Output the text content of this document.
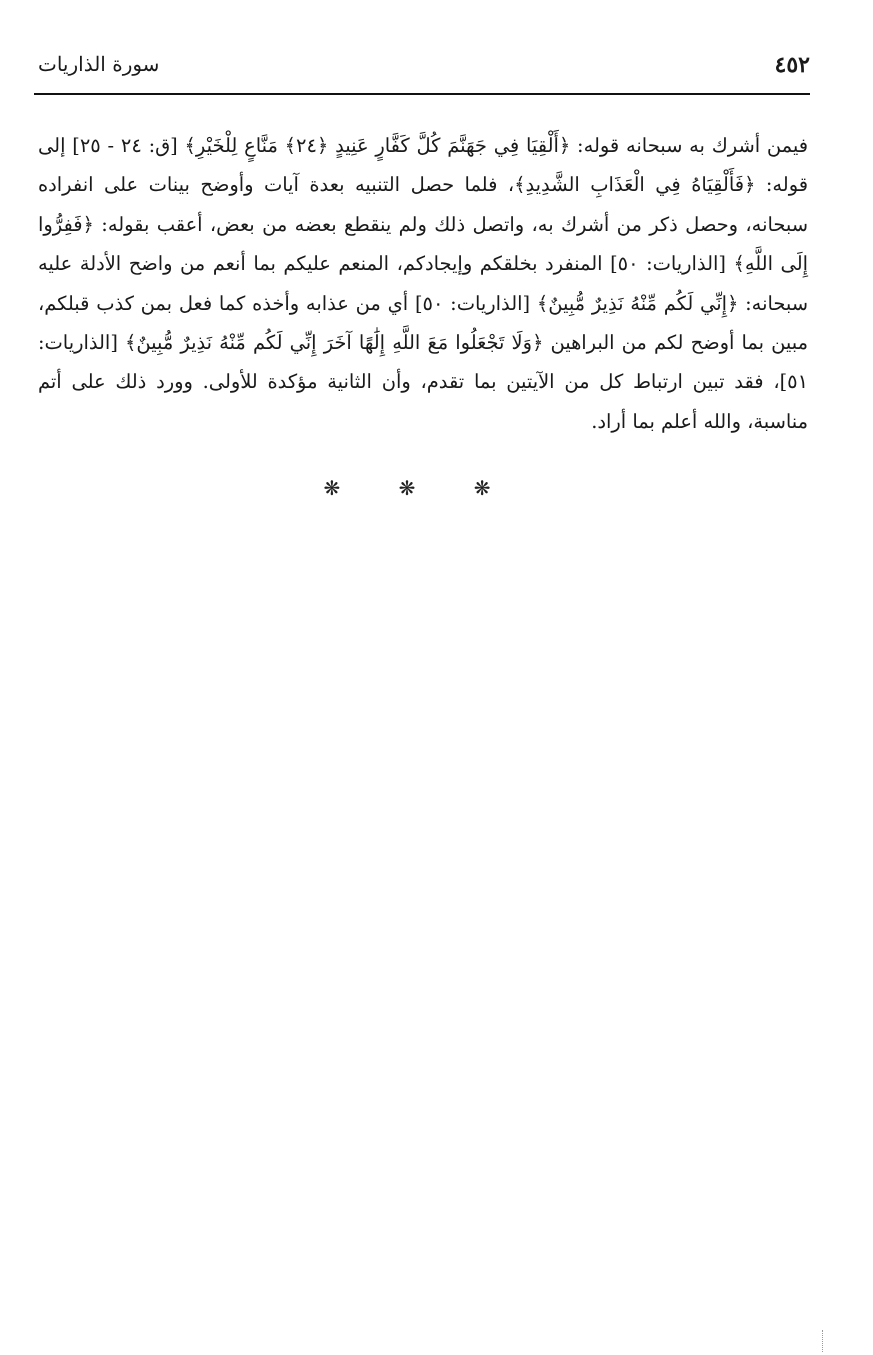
٤٥٢
سورة الذاريات
فيمن أشرك به سبحانه قوله: ﴿أَلْقِيَا فِي جَهَنَّمَ كُلَّ كَفَّارٍ عَنِيدٍ ﴿٢٤﴾ مَنَّاعٍ لِلْخَيْرِ﴾ [ق: ٢٤ - ٢٥] إلى قوله: ﴿فَأَلْقِيَاهُ فِي الْعَذَابِ الشَّدِيدِ﴾، فلما حصل التنبيه بعدة آيات وأوضح بينات على انفراده سبحانه، وحصل ذكر من أشرك به، واتصل ذلك ولم ينقطع بعضه من بعض، أعقب بقوله: ﴿فَفِرُّوا إِلَى اللَّهِ﴾ [الذاريات: ٥٠] المنفرد بخلقكم وإيجادكم، المنعم عليكم بما أنعم من واضح الأدلة عليه سبحانه: ﴿إِنِّي لَكُم مِّنْهُ نَذِيرٌ مُّبِينٌ﴾ [الذاريات: ٥٠] أي من عذابه وأخذه كما فعل بمن كذب قبلكم، مبين بما أوضح لكم من البراهين ﴿وَلَا تَجْعَلُوا مَعَ اللَّهِ إِلَٰهًا آخَرَ إِنِّي لَكُم مِّنْهُ نَذِيرٌ مُّبِينٌ﴾ [الذاريات: ٥١]، فقد تبين ارتباط كل من الآيتين بما تقدم، وأن الثانية مؤكدة للأولى. وورد ذلك على أتم مناسبة، والله أعلم بما أراد.
❋ ❋ ❋
